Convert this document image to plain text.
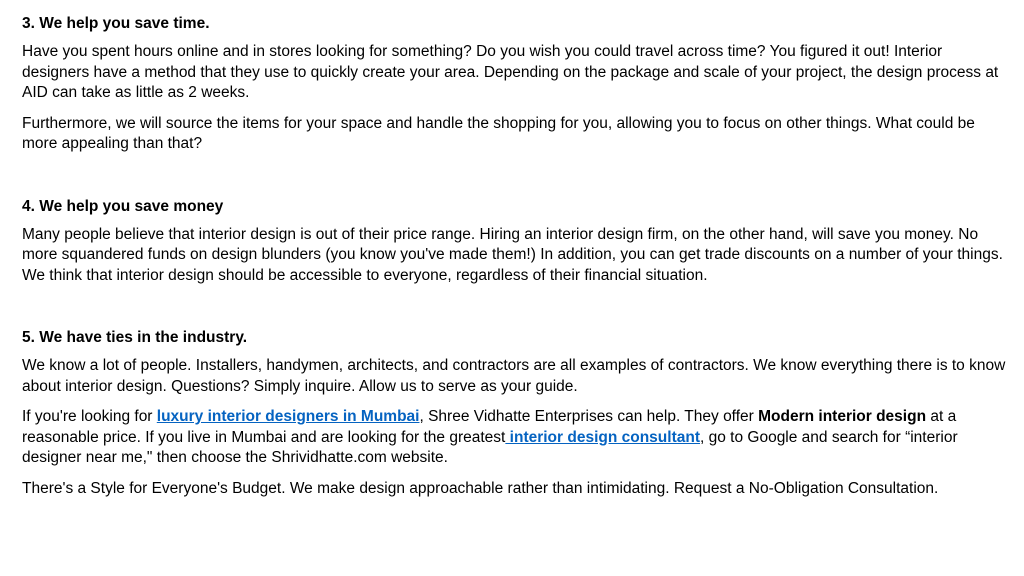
3. We help you save time.
Have you spent hours online and in stores looking for something? Do you wish you could travel across time? You figured it out! Interior designers have a method that they use to quickly create your area. Depending on the package and scale of your project, the design process at AID can take as little as 2 weeks.
Furthermore, we will source the items for your space and handle the shopping for you, allowing you to focus on other things. What could be more appealing than that?
4. We help you save money
Many people believe that interior design is out of their price range. Hiring an interior design firm, on the other hand, will save you money. No more squandered funds on design blunders (you know you've made them!) In addition, you can get trade discounts on a number of your things. We think that interior design should be accessible to everyone, regardless of their financial situation.
5. We have ties in the industry.
We know a lot of people. Installers, handymen, architects, and contractors are all examples of contractors. We know everything there is to know about interior design. Questions? Simply inquire. Allow us to serve as your guide.
If you're looking for luxury interior designers in Mumbai, Shree Vidhatte Enterprises can help. They offer Modern interior design at a reasonable price. If you live in Mumbai and are looking for the greatest interior design consultant, go to Google and search for “interior designer near me," then choose the Shrividhatte.com website.
There's a Style for Everyone's Budget. We make design approachable rather than intimidating. Request a No-Obligation Consultation.
